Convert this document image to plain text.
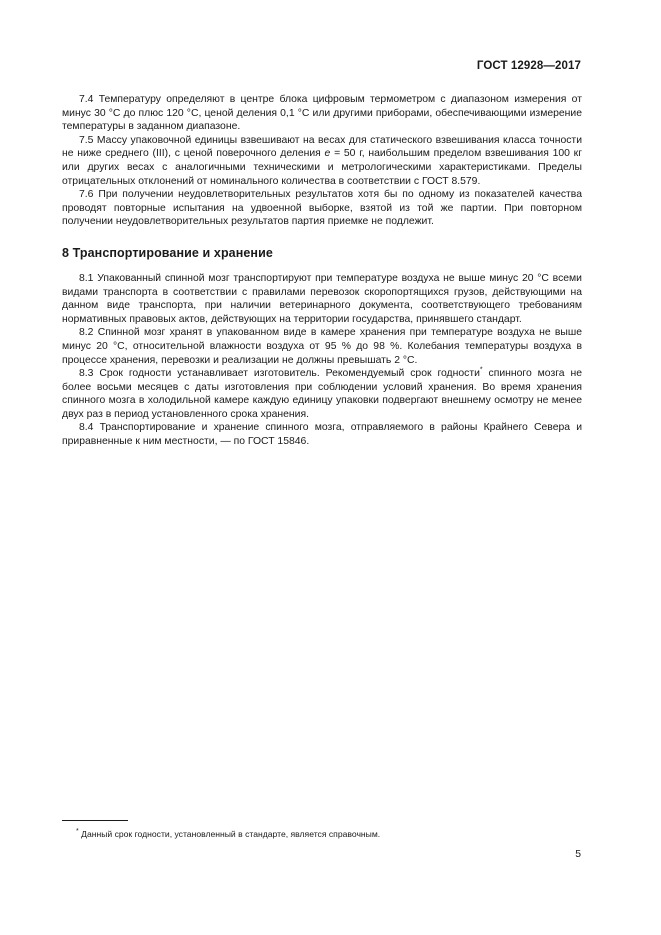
ГОСТ 12928—2017

7.4 Температуру определяют в центре блока цифровым термометром с диапазоном измерения от минус 30 °С до плюс 120 °С, ценой деления 0,1 °С или другими приборами, обеспечивающими измерение температуры в заданном диапазоне.

7.5 Массу упаковочной единицы взвешивают на весах для статического взвешивания класса точности не ниже среднего (III), с ценой поверочного деления е = 50 г, наибольшим пределом взвешивания 100 кг или других весах с аналогичными техническими и метрологическими характеристиками. Пределы отрицательных отклонений от номинального количества в соответствии с ГОСТ 8.579.

7.6 При получении неудовлетворительных результатов хотя бы по одному из показателей качества проводят повторные испытания на удвоенной выборке, взятой из той же партии. При повторном получении неудовлетворительных результатов партия приемке не подлежит.

8 Транспортирование и хранение

8.1 Упакованный спинной мозг транспортируют при температуре воздуха не выше минус 20 °С всеми видами транспорта в соответствии с правилами перевозок скоропортящихся грузов, действующими на данном виде транспорта, при наличии ветеринарного документа, соответствующего требованиям нормативных правовых актов, действующих на территории государства, принявшего стандарт.

8.2 Спинной мозг хранят в упакованном виде в камере хранения при температуре воздуха не выше минус 20 °С, относительной влажности воздуха от 95 % до 98 %. Колебания температуры воздуха в процессе хранения, перевозки и реализации не должны превышать 2 °С.

8.3 Срок годности устанавливает изготовитель. Рекомендуемый срок годности* спинного мозга не более восьми месяцев с даты изготовления при соблюдении условий хранения. Во время хранения спинного мозга в холодильной камере каждую единицу упаковки подвергают внешнему осмотру не менее двух раз в период установленного срока хранения.

8.4 Транспортирование и хранение спинного мозга, отправляемого в районы Крайнего Севера и приравненные к ним местности, — по ГОСТ 15846.

* Данный срок годности, установленный в стандарте, является справочным.
5
